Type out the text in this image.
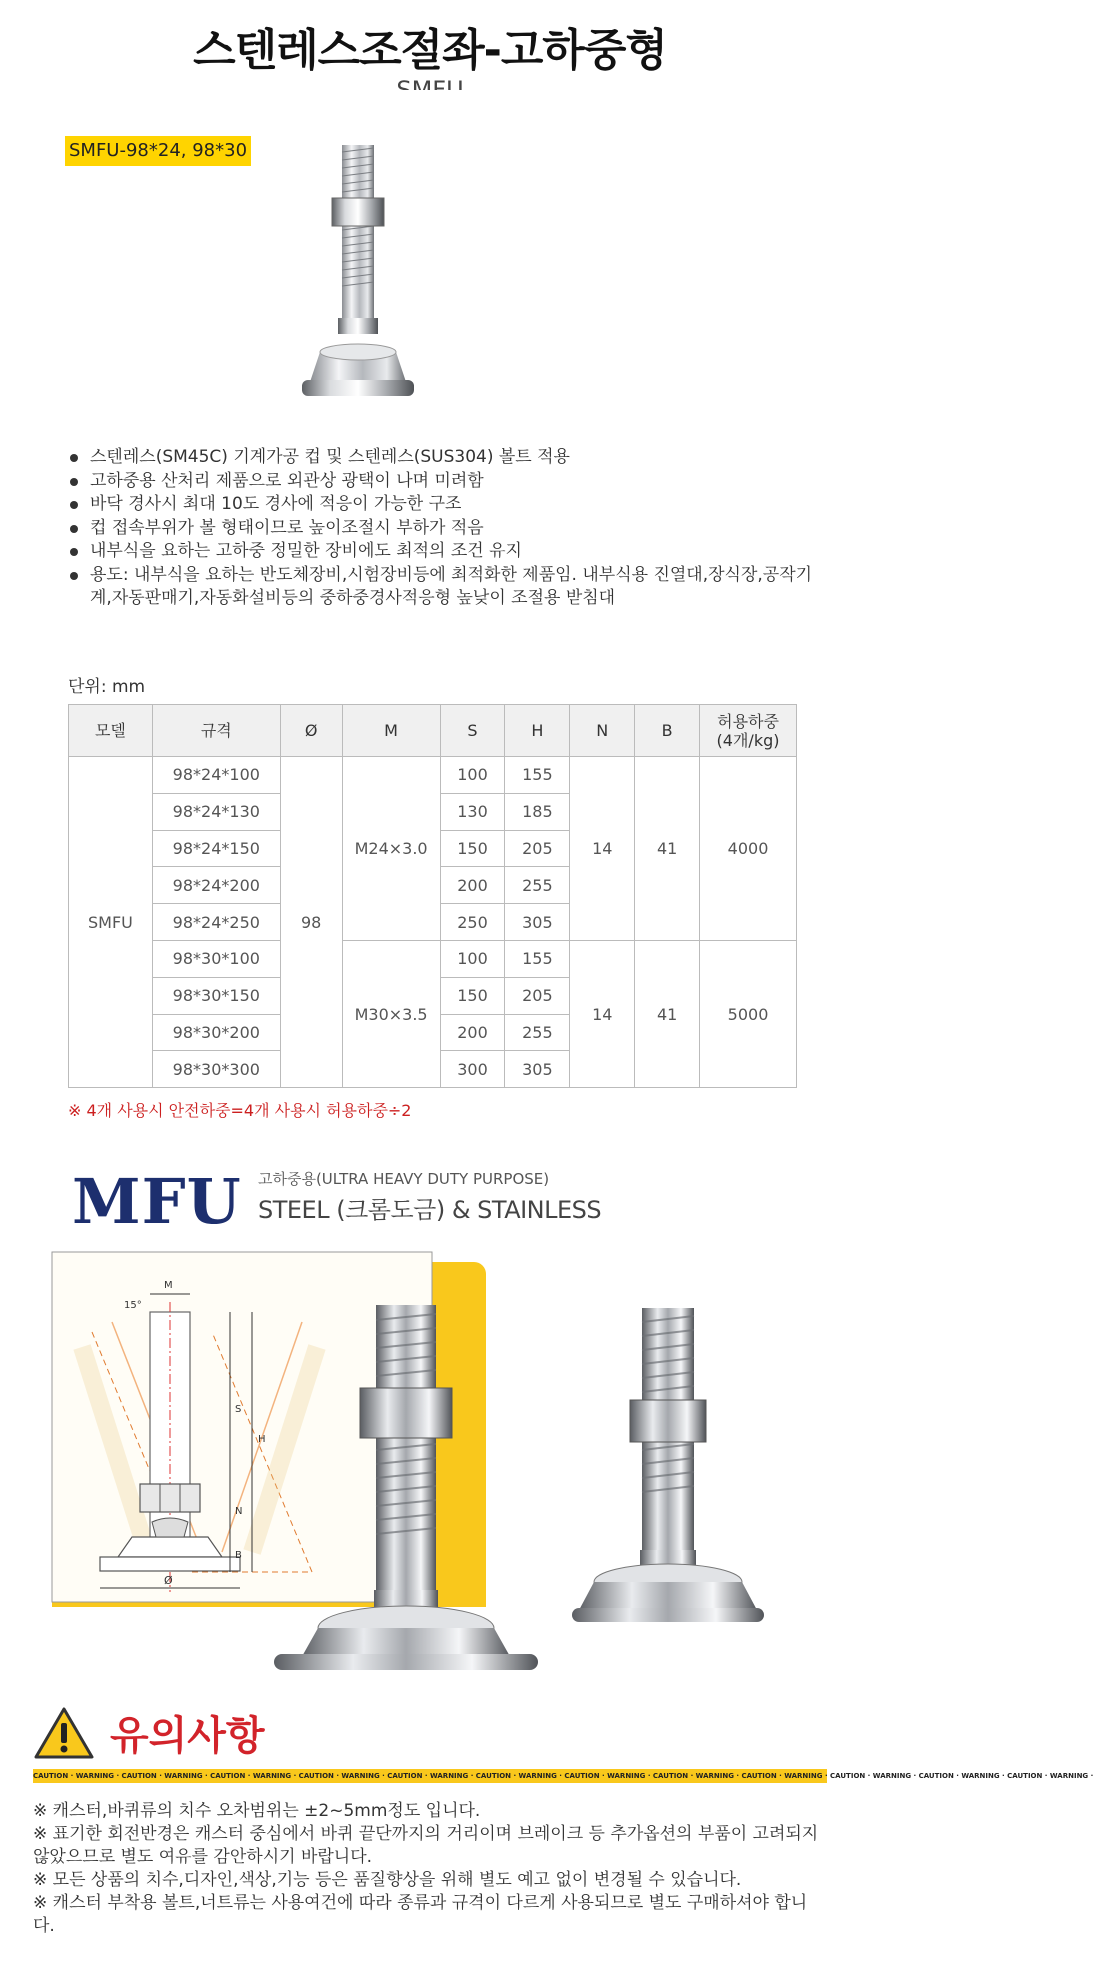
스텐레스조절좌-고하중형
SMFU-98*24, 98*30
스텐레스(SM45C) 기계가공 컵 및 스텐레스(SUS304) 볼트 적용
고하중용 산처리 제품으로 외관상 광택이 나며 미려함
바닥 경사시 최대 10도 경사에 적응이 가능한 구조
컵 접속부위가 볼 형태이므로 높이조절시 부하가 적음
내부식을 요하는 고하중 정밀한 장비에도 최적의 조건 유지
용도: 내부식을 요하는 반도체장비,시험장비등에 최적화한 제품임. 내부식용 진열대,장식장,공작기계,자동판매기,자동화설비등의 중하중경사적응형 높낮이 조절용 받침대
단위: mm
모델	규격	Ø	M	S	H	N	B	허용하중
(4개/kg)
SMFU	98*24*100	98	M24×3.0	100	155	14	41	4000
	98*24*130			130	185			
	98*24*150			150	205			
	98*24*200			200	255			
	98*24*250			250	305			
	98*30*100		M30×3.5	100	155	14	41	5000
	98*30*150			150	205			
	98*30*200			200	255			
	98*30*300			300	305			
※ 4개 사용시 안전하중=4개 사용시 허용하중÷2
MFU 고하중용(ULTRA HEAVY DUTY PURPOSE)
STEEL (크롬도금) & STAINLESS
M
15°
S
H
N
B
Ø
유의사항
CAUTION · WARNING · CAUTION · WARNING · CAUTION · WARNING · CAUTION · WARNING · CAUTION · WARNING · CAUTION · WARNING · CAUTION · WARNING · CAUTION · WARNING · CAUTION · WARNING · CAUTION · WARNING · CAUTION · WARNING · CAUTION · WARNING ·

※ 캐스터,바퀴류의 치수 오차범위는 ±2~5mm정도 입니다.

※ 표기한 회전반경은 캐스터 중심에서 바퀴 끝단까지의 거리이며 브레이크 등 추가옵션의 부품이 고려되지 않았으므로 별도 여유를 감안하시기 바랍니다.

※ 모든 상품의 치수,디자인,색상,기능 등은 품질향상을 위해 별도 예고 없이 변경될 수 있습니다.

※ 캐스터 부착용 볼트,너트류는 사용여건에 따라 종류과 규격이 다르게 사용되므로 별도 구매하셔야 합니다.
